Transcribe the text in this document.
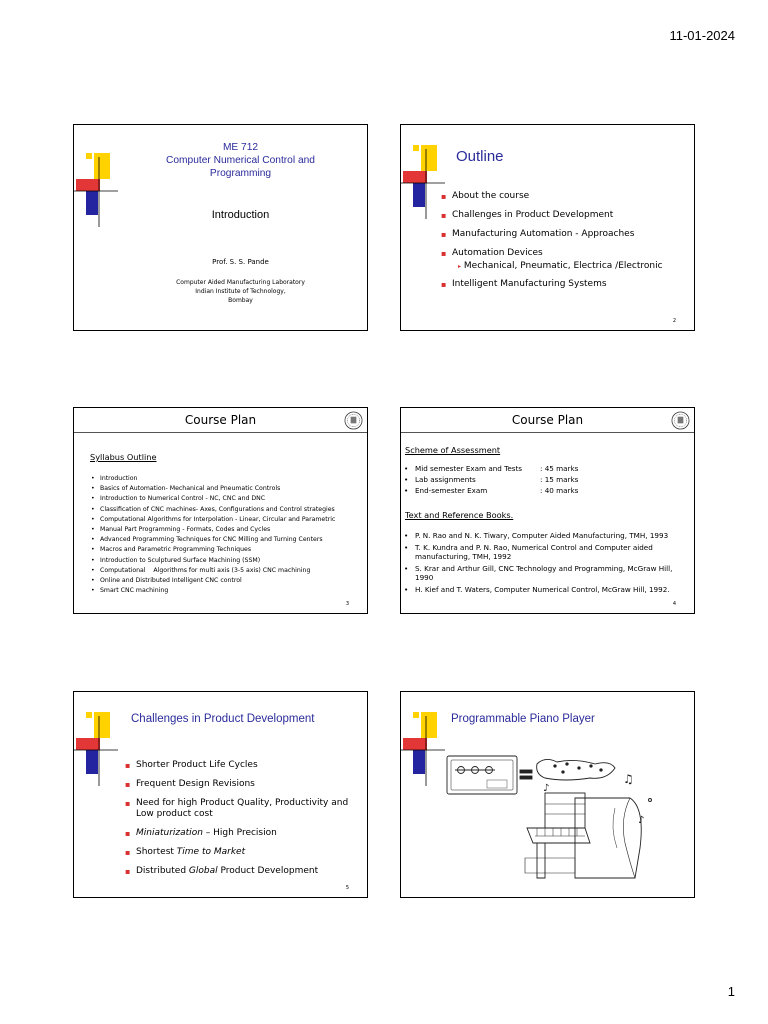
11-01-2024
ME 712
Computer Numerical Control and
Programming
Introduction
Prof. S. S. Pande
Computer Aided Manufacturing Laboratory
Indian Institute of Technology,
Bombay
Outline
▪ About the course
▪ Challenges in Product Development
▪ Manufacturing Automation - Approaches
▪ Automation Devices
▸ Mechanical, Pneumatic, Electrica /Electronic
▪ Intelligent Manufacturing Systems
2
Course Plan
Syllabus Outline
• Introduction
• Basics of Automation- Mechanical and Pneumatic Controls
• Introduction to Numerical Control - NC, CNC and DNC
• Classification of CNC machines- Axes, Configurations and Control strategies
• Computational Algorithms for Interpolation - Linear, Circular and Parametric
• Manual Part Programming - Formats, Codes and Cycles
• Advanced Programming Techniques for CNC Milling and Turning Centers
• Macros and Parametric Programming Techniques
• Introduction to Sculptured Surface Machining (SSM)
• Computational    Algorithms for multi axis (3-5 axis) CNC machining
• Online and Distributed Intelligent CNC control
• Smart CNC machining
3
Course Plan
Scheme of Assessment
• Mid semester Exam and Tests	: 45 marks
• Lab assignments	: 15 marks
• End-semester Exam	: 40 marks
Text and Reference Books.
• P. N. Rao and N. K. Tiwary, Computer Aided Manufacturing, TMH, 1993
• T. K. Kundra and P. N. Rao, Numerical Control and Computer aided manufacturing, TMH, 1992
• S. Krar and Arthur Gill, CNC Technology and Programming, McGraw Hill, 1990
• H. Kief and T. Waters, Computer Numerical Control, McGraw Hill, 1992.
4
Challenges in Product Development
▪ Shorter Product Life Cycles
▪ Frequent Design Revisions
▪ Need for high Product Quality, Productivity and Low product cost
▪ Miniaturization – High Precision
▪ Shortest Time to Market
▪ Distributed Global Product Development
5
Programmable Piano Player
♫
♪
♪
1
